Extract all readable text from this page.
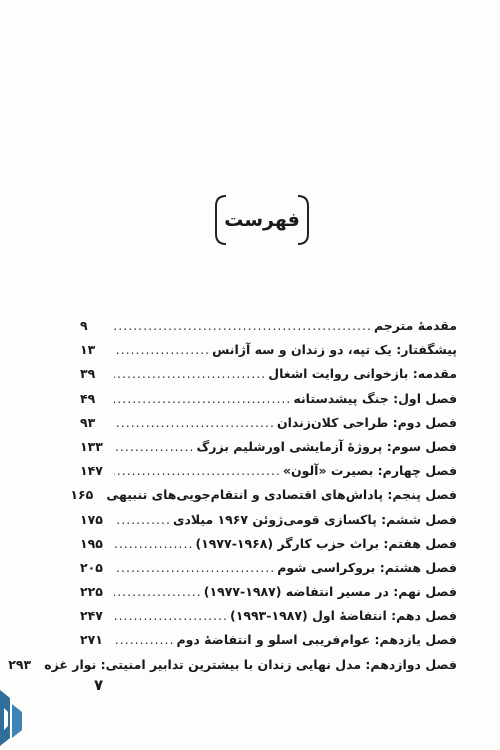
فهرست
مقدمهٔ مترجم
.....
۹
پیشگفتار: یک تپه، دو زندان و سه آژانس
.....
۱۳
مقدمه: بازخوانی روایت اشغال
.....
۳۹
فصل اول: جنگ پیشدستانه
.....
۴۹
فصل دوم: طراحی کلان‌زندان
.....
۹۳
فصل سوم: پروژهٔ آزمایشی اورشلیم بزرگ
.....
۱۳۳
فصل چهارم: بصیرت «آلون»
.....
۱۴۷
فصل پنجم: پاداش‌های اقتصادی و انتقام‌جویی‌های تنبیهی
۱۶۵
فصل ششم: پاکسازی قومی‌ژوئن ۱۹۶۷ میلادی
.....
۱۷۵
فصل هفتم: براث حزب کارگر (۱۹۶۸-۱۹۷۷)
.....
۱۹۵
فصل هشتم: بروکراسی شوم
.....
۲۰۵
فصل نهم: در مسیر انتفاضه (۱۹۸۷-۱۹۷۷)
.....
۲۲۵
فصل دهم: انتفاضهٔ اول (۱۹۸۷-۱۹۹۳)
.....
۲۴۷
فصل یازدهم: عوام‌فریبی اسلو و انتفاضهٔ دوم
.....
۲۷۱
فصل دوازدهم: مدل نهایی زندان با بیشترین تدابیر امنیتی: نوار غزه
۲۹۳
۷
